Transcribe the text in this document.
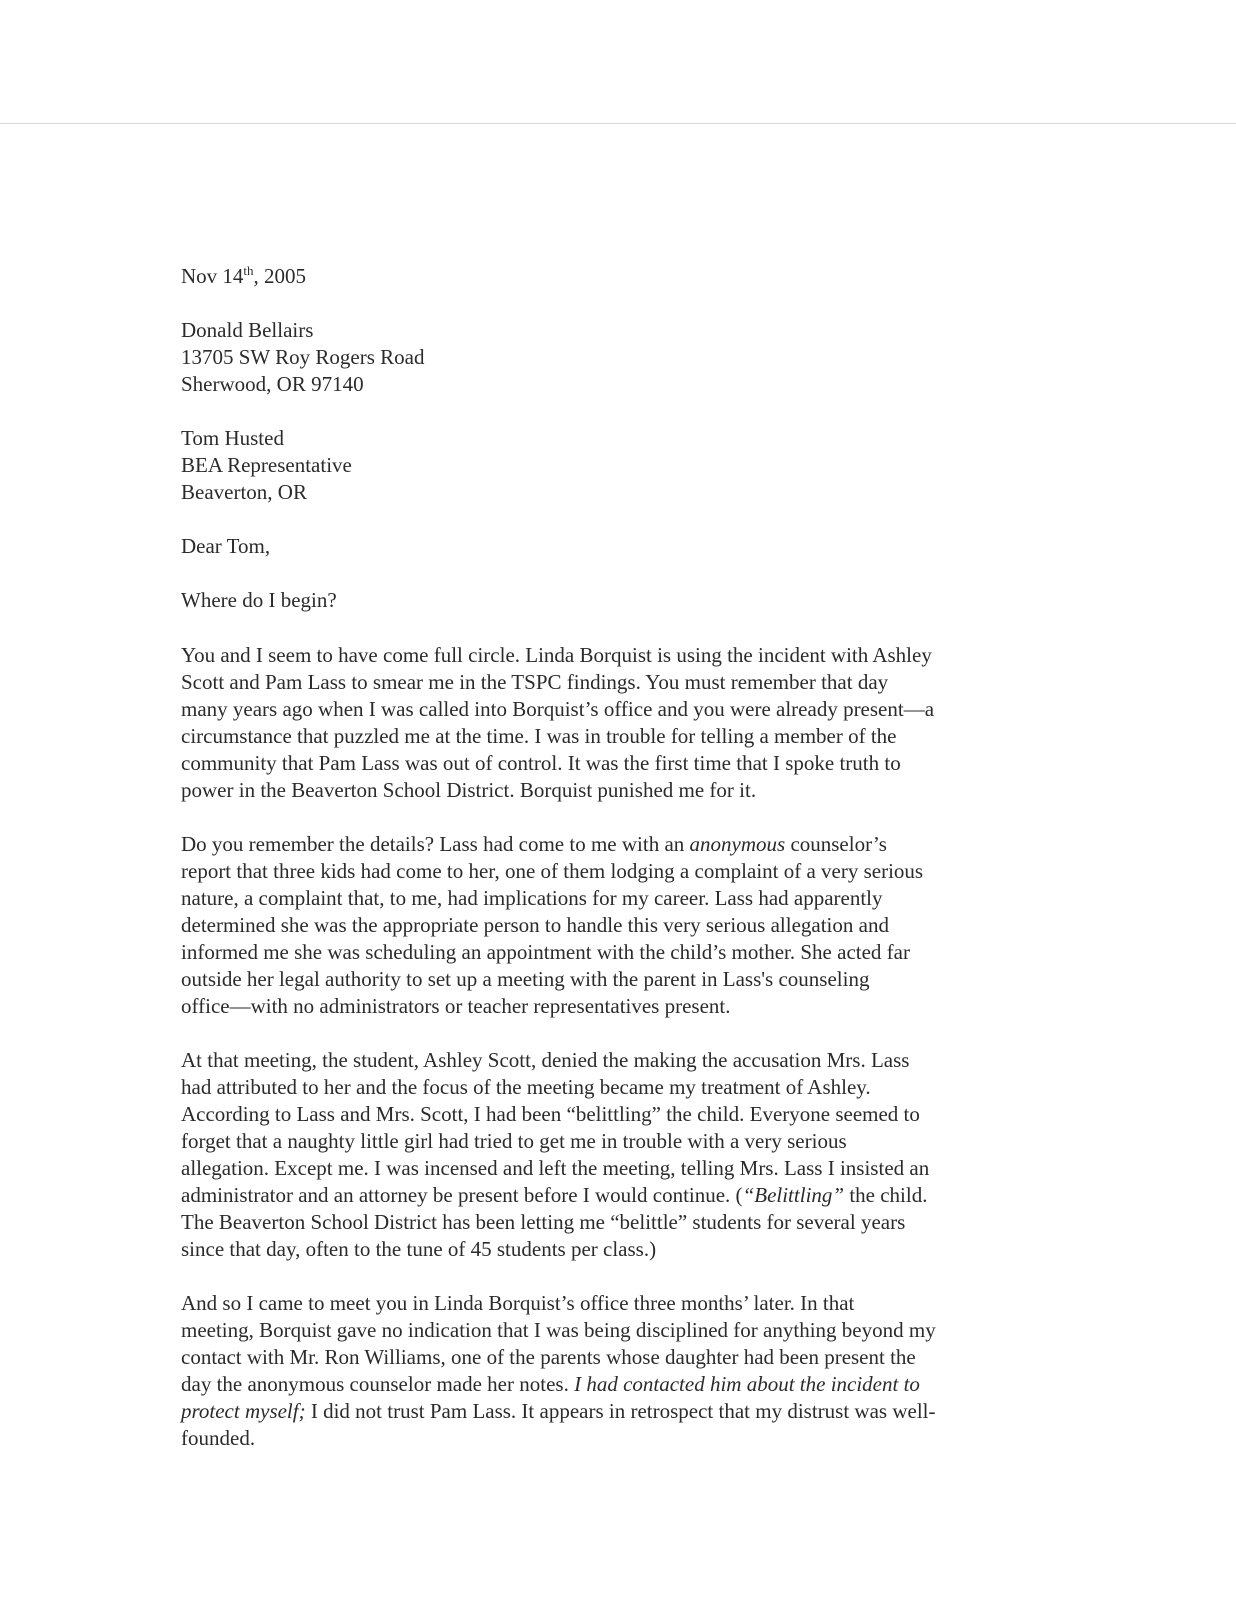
Nov 14th, 2005
Donald Bellairs
13705 SW Roy Rogers Road
Sherwood, OR 97140
Tom Husted
BEA Representative
Beaverton, OR
Dear Tom,
Where do I begin?
You and I seem to have come full circle. Linda Borquist is using the incident with Ashley
Scott and Pam Lass to smear me in the TSPC findings. You must remember that day
many years ago when I was called into Borquist’s office and you were already present—a
circumstance that puzzled me at the time. I was in trouble for telling a member of the
community that Pam Lass was out of control. It was the first time that I spoke truth to
power in the Beaverton School District. Borquist punished me for it.
Do you remember the details? Lass had come to me with an anonymous counselor’s
report that three kids had come to her, one of them lodging a complaint of a very serious
nature, a complaint that, to me, had implications for my career. Lass had apparently
determined she was the appropriate person to handle this very serious allegation and
informed me she was scheduling an appointment with the child’s mother. She acted far
outside her legal authority to set up a meeting with the parent in Lass's counseling
office—with no administrators or teacher representatives present.
At that meeting, the student, Ashley Scott, denied the making the accusation Mrs. Lass
had attributed to her and the focus of the meeting became my treatment of Ashley.
According to Lass and Mrs. Scott, I had been “belittling” the child. Everyone seemed to
forget that a naughty little girl had tried to get me in trouble with a very serious
allegation. Except me. I was incensed and left the meeting, telling Mrs. Lass I insisted an
administrator and an attorney be present before I would continue. (“Belittling” the child.
The Beaverton School District has been letting me “belittle” students for several years
since that day, often to the tune of 45 students per class.)
And so I came to meet you in Linda Borquist’s office three months’ later. In that
meeting, Borquist gave no indication that I was being disciplined for anything beyond my
contact with Mr. Ron Williams, one of the parents whose daughter had been present the
day the anonymous counselor made her notes. I had contacted him about the incident to
protect myself; I did not trust Pam Lass. It appears in retrospect that my distrust was well-
founded.
